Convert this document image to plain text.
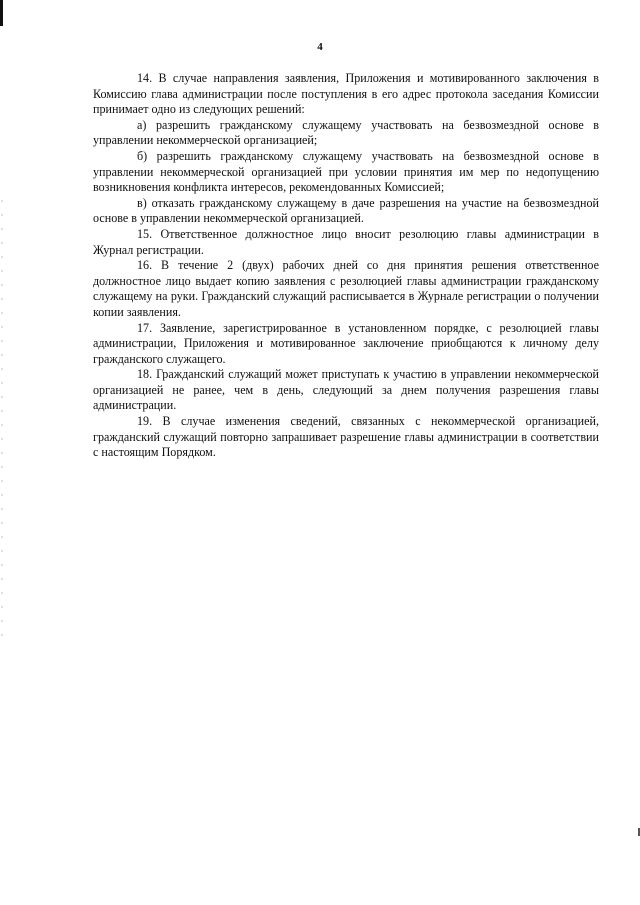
4

14. В случае направления заявления, Приложения и мотивированного заключения в Комиссию глава администрации после поступления в его адрес протокола заседания Комиссии принимает одно из следующих решений:

а) разрешить гражданскому служащему участвовать на безвозмездной основе в управлении некоммерческой организацией;

б) разрешить гражданскому служащему участвовать на безвозмездной основе в управлении некоммерческой организацией при условии принятия им мер по недопущению возникновения конфликта интересов, рекомендованных Комиссией;

в) отказать гражданскому служащему в даче разрешения на участие на безвозмездной основе в управлении некоммерческой организацией.

15. Ответственное должностное лицо вносит резолюцию главы администрации в Журнал регистрации.

16. В течение 2 (двух) рабочих дней со дня принятия решения ответственное должностное лицо выдает копию заявления с резолюцией главы администрации гражданскому служащему на руки. Гражданский служащий расписывается в Журнале регистрации о получении копии заявления.

17. Заявление, зарегистрированное в установленном порядке, с резолюцией главы администрации, Приложения и мотивированное заключение приобщаются к личному делу гражданского служащего.

18. Гражданский служащий может приступать к участию в управлении некоммерческой организацией не ранее, чем в день, следующий за днем получения разрешения главы администрации.

19. В случае изменения сведений, связанных с некоммерческой организацией, гражданский служащий повторно запрашивает разрешение главы администрации в соответствии с настоящим Порядком.
